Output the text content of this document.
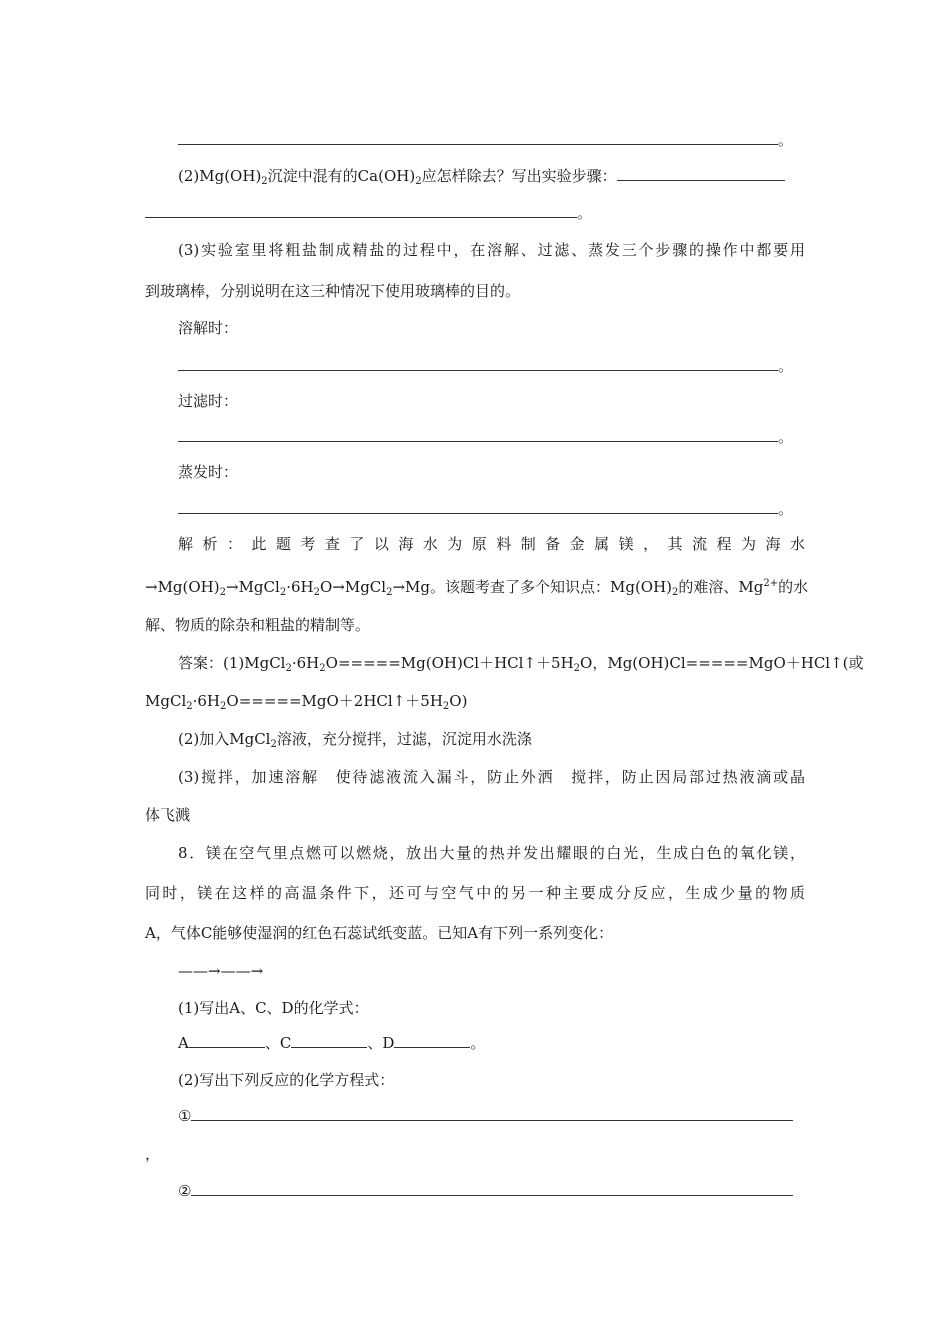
。
$(2)Mg(OH)_2$沉淀中混有的$Ca(OH)_2$应怎样除去？写出实验步骤：
。
(3)实验室里将粗盐制成精盐的过程中，在溶解、过滤、蒸发三个步骤的操作中都要用
到玻璃棒，分别说明在这三种情况下使用玻璃棒的目的。
溶解时：
。
过滤时：
。
蒸发时：
。
解析：此题考查了以海水为原料制备金属镁，其流程为海水
$\to Mg(OH)_2\to MgCl_2\cdot 6H_2O\to MgCl_2\to Mg$。该题考查了多个知识点：$Mg(OH)_2$的难溶、$Mg^{2+}$的水
解、物质的除杂和粗盐的精制等。
答案：$(1)MgCl_2\cdot 6H_2O=====Mg(OH)Cl+HCl↑+5H_2O$，Mg(OH)Cl=====MgO＋HCl↑(或
$MgCl_2\cdot 6H_2O=====MgO+2HCl↑+5H_2O$)
(2)加入MgCl$_2$溶液，充分搅拌，过滤，沉淀用水洗涤
(3)搅拌，加速溶解　使待滤液流入漏斗，防止外洒　搅拌，防止因局部过热液滴或晶
体飞溅
8．镁在空气里点燃可以燃烧，放出大量的热并发出耀眼的白光，生成白色的氧化镁，
同时，镁在这样的高温条件下，还可与空气中的另一种主要成分反应，生成少量的物质
A，气体C能够使湿润的红色石蕊试纸变蓝。已知A有下列一系列变化：
——→——→
(1)写出A、C、D的化学式：
A	、C	、D	。
(2)写出下列反应的化学方程式：
①
，
②
